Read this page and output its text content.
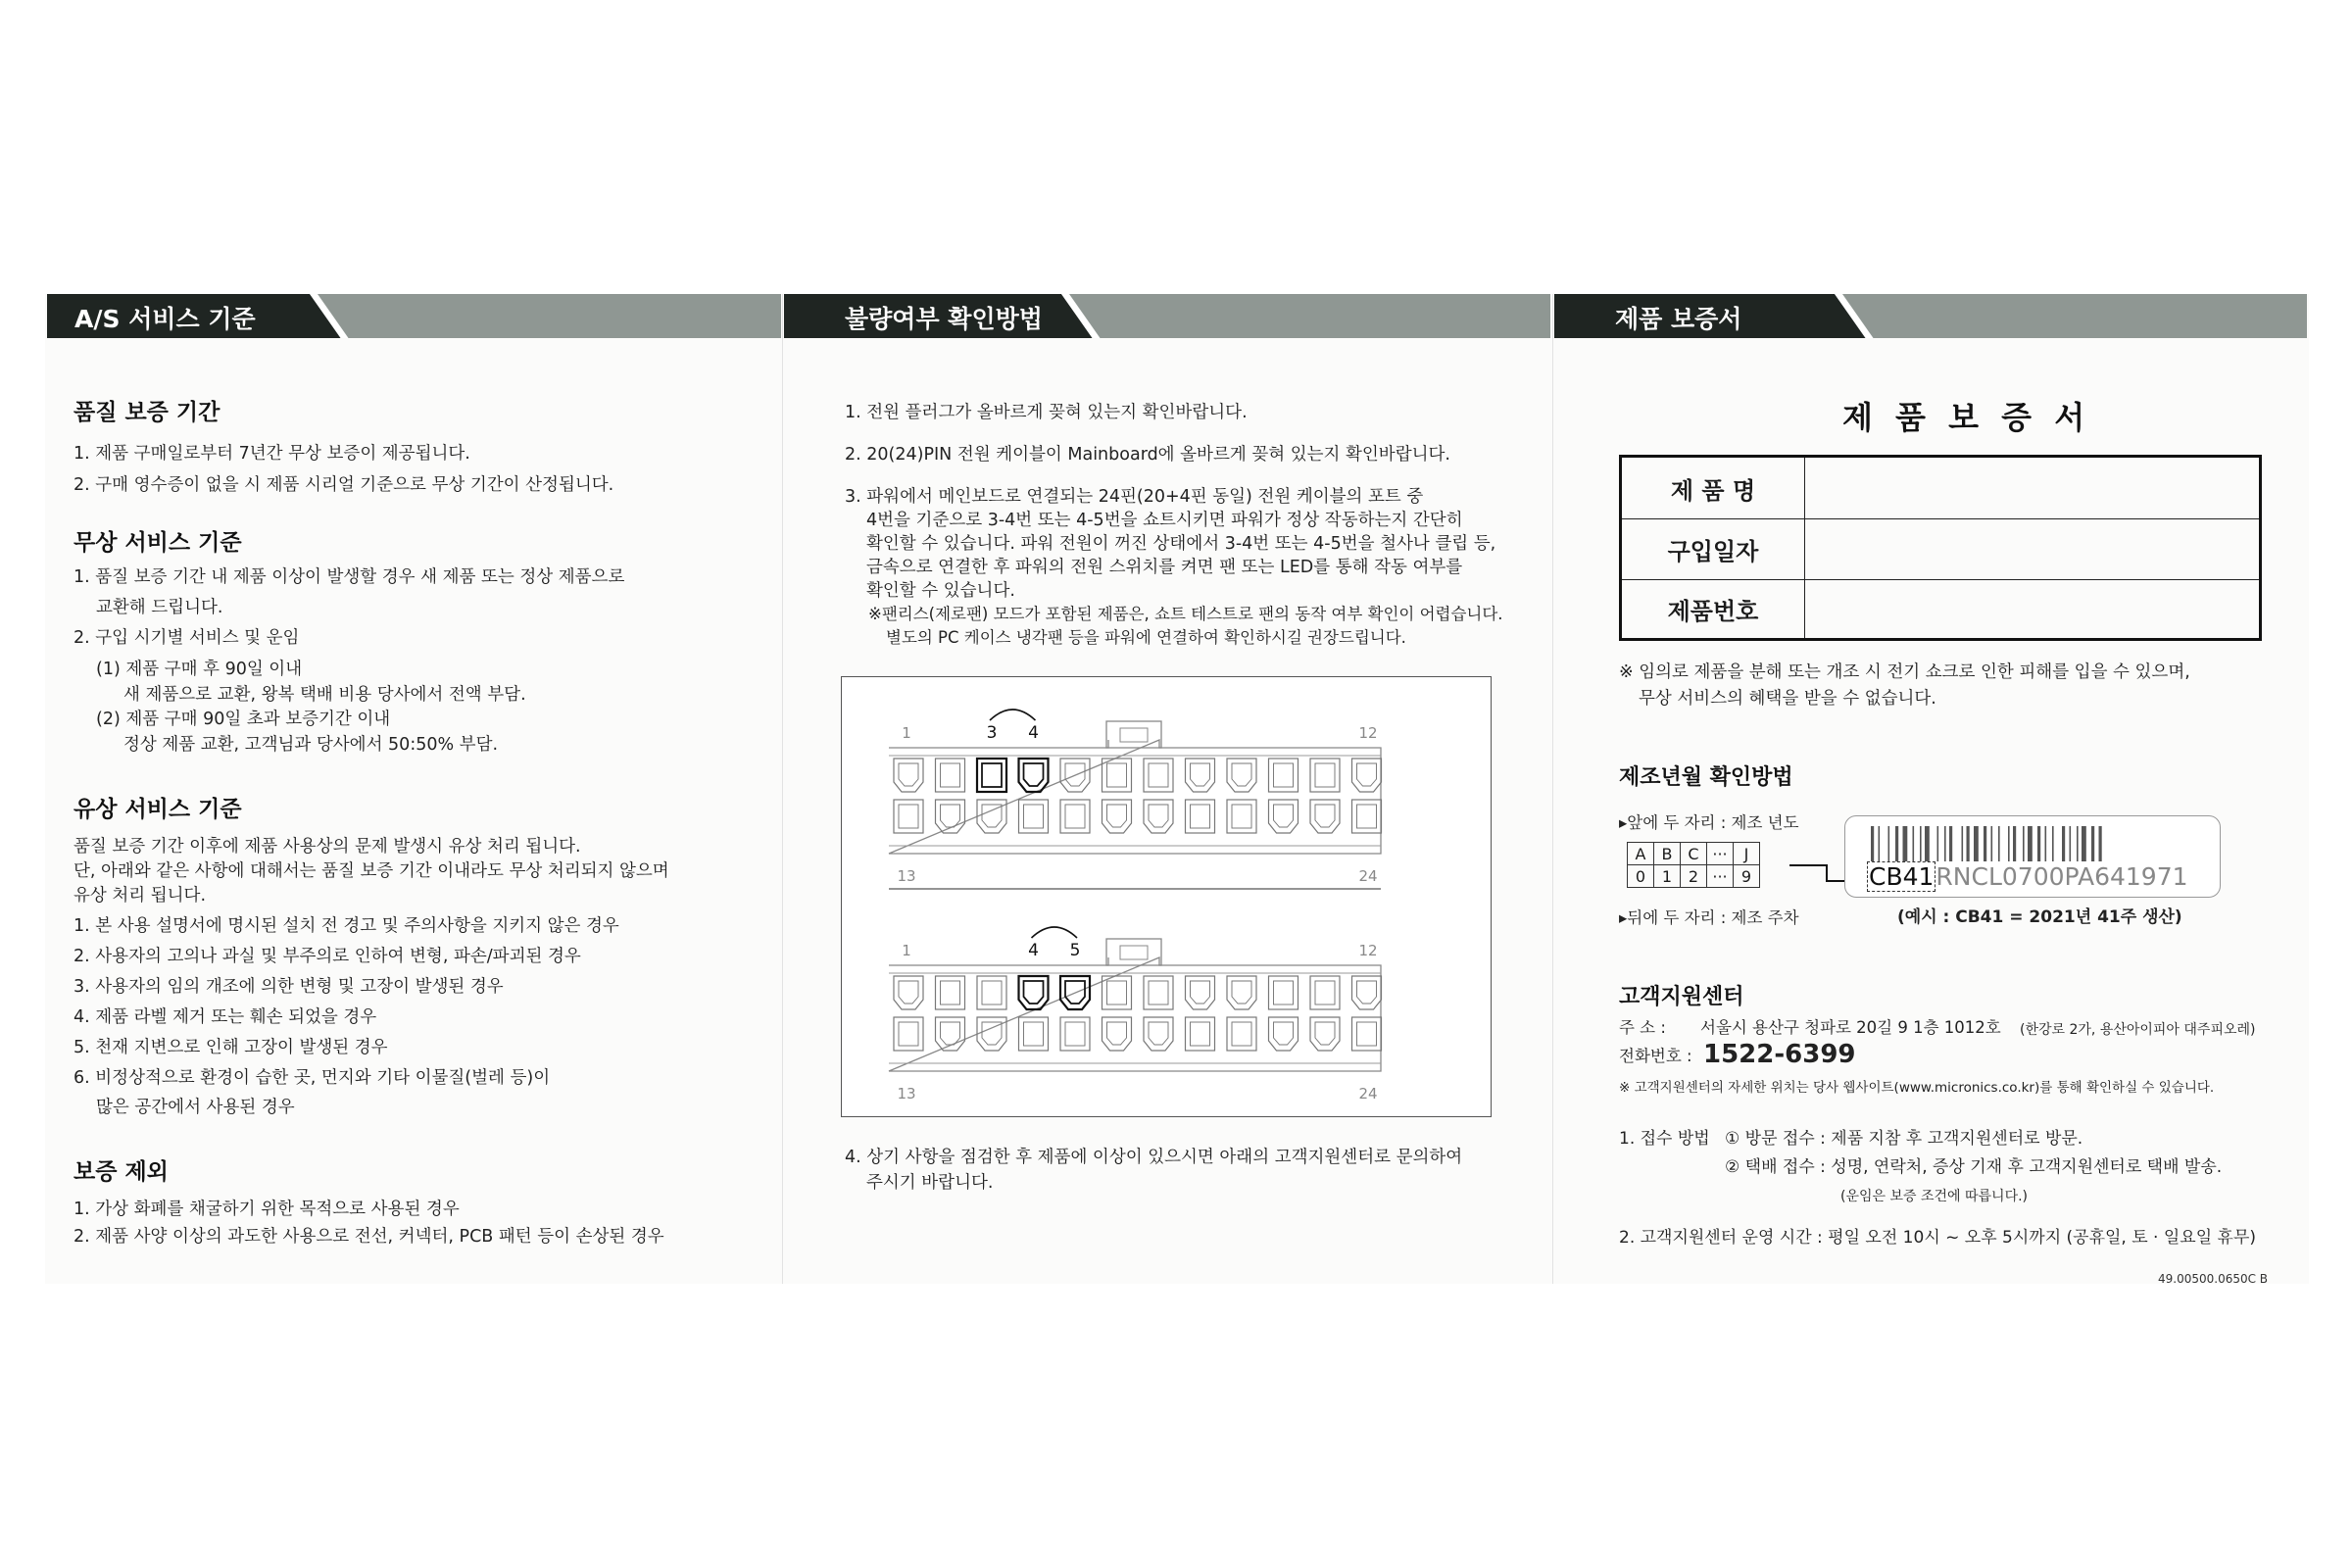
A/S 서비스 기준
품질 보증 기간
1. 제품 구매일로부터 7년간 무상 보증이 제공됩니다.
2. 구매 영수증이 없을 시 제품 시리얼 기준으로 무상 기간이 산정됩니다.
무상 서비스 기준
1. 품질 보증 기간 내 제품 이상이 발생할 경우 새 제품 또는 정상 제품으로
교환해 드립니다.
2. 구입 시기별 서비스 및 운임
(1) 제품 구매 후 90일 이내
새 제품으로 교환, 왕복 택배 비용 당사에서 전액 부담.
(2) 제품 구매 90일 초과 보증기간 이내
정상 제품 교환, 고객님과 당사에서 50:50% 부담.
유상 서비스 기준
품질 보증 기간 이후에 제품 사용상의 문제 발생시 유상 처리 됩니다.
단, 아래와 같은 사항에 대해서는 품질 보증 기간 이내라도 무상 처리되지 않으며
유상 처리 됩니다.
1. 본 사용 설명서에 명시된 설치 전 경고 및 주의사항을 지키지 않은 경우
2. 사용자의 고의나 과실 및 부주의로 인하여 변형, 파손/파괴된 경우
3. 사용자의 임의 개조에 의한 변형 및 고장이 발생된 경우
4. 제품 라벨 제거 또는 훼손 되었을 경우
5. 천재 지변으로 인해 고장이 발생된 경우
6. 비정상적으로 환경이 습한 곳, 먼지와 기타 이물질(벌레 등)이
많은 공간에서 사용된 경우
보증 제외
1. 가상 화폐를 채굴하기 위한 목적으로 사용된 경우
2. 제품 사양 이상의 과도한 사용으로 전선, 커넥터, PCB 패턴 등이 손상된 경우
불량여부 확인방법
1. 전원 플러그가 올바르게 꽂혀 있는지 확인바랍니다.
2. 20(24)PIN 전원 케이블이 Mainboard에 올바르게 꽂혀 있는지 확인바랍니다.
3. 파워에서 메인보드로 연결되는 24핀(20+4핀 동일) 전원 케이블의 포트 중
4번을 기준으로 3-4번 또는 4-5번을 쇼트시키면 파워가 정상 작동하는지 간단히
확인할 수 있습니다. 파워 전원이 꺼진 상태에서 3-4번 또는 4-5번을 철사나 클립 등,
금속으로 연결한 후 파워의 전원 스위치를 켜면 팬 또는 LED를 통해 작동 여부를
확인할 수 있습니다.
※팬리스(제로팬) 모드가 포함된 제품은, 쇼트 테스트로 팬의 동작 여부 확인이 어렵습니다.
별도의 PC 케이스 냉각팬 등을 파워에 연결하여 확인하시길 권장드립니다.
1	12
13	24
3 4
1	12
13	24
4 5
4. 상기 사항을 점검한 후 제품에 이상이 있으시면 아래의 고객지원센터로 문의하여
주시기 바랍니다.
제품 보증서
제 품 보 증 서
제 품 명
구입일자
제품번호
※ 임의로 제품을 분해 또는 개조 시 전기 쇼크로 인한 피해를 입을 수 있으며,
무상 서비스의 혜택을 받을 수 없습니다.
제조년월 확인방법
▸앞에 두 자리 : 제조 년도
A	B	C	···	J
0	1	2	···	9
▸뒤에 두 자리 : 제조 주차
CB41RNCL0700PA641971
(예시 : CB41 = 2021년 41주 생산)
고객지원센터
주 소 : 서울시 용산구 청파로 20길 9 1층 1012호 (한강로 2가, 용산아이피아 대주피오레)
전화번호 : 1522-6399
※ 고객지원센터의 자세한 위치는 당사 웹사이트(www.micronics.co.kr)를 통해 확인하실 수 있습니다.
1. 접수 방법 ① 방문 접수 : 제품 지참 후 고객지원센터로 방문.
② 택배 접수 : 성명, 연락처, 증상 기재 후 고객지원센터로 택배 발송.
(운임은 보증 조건에 따릅니다.)
2. 고객지원센터 운영 시간 : 평일 오전 10시 ~ 오후 5시까지 (공휴일, 토 · 일요일 휴무)
49.00500.0650C B
